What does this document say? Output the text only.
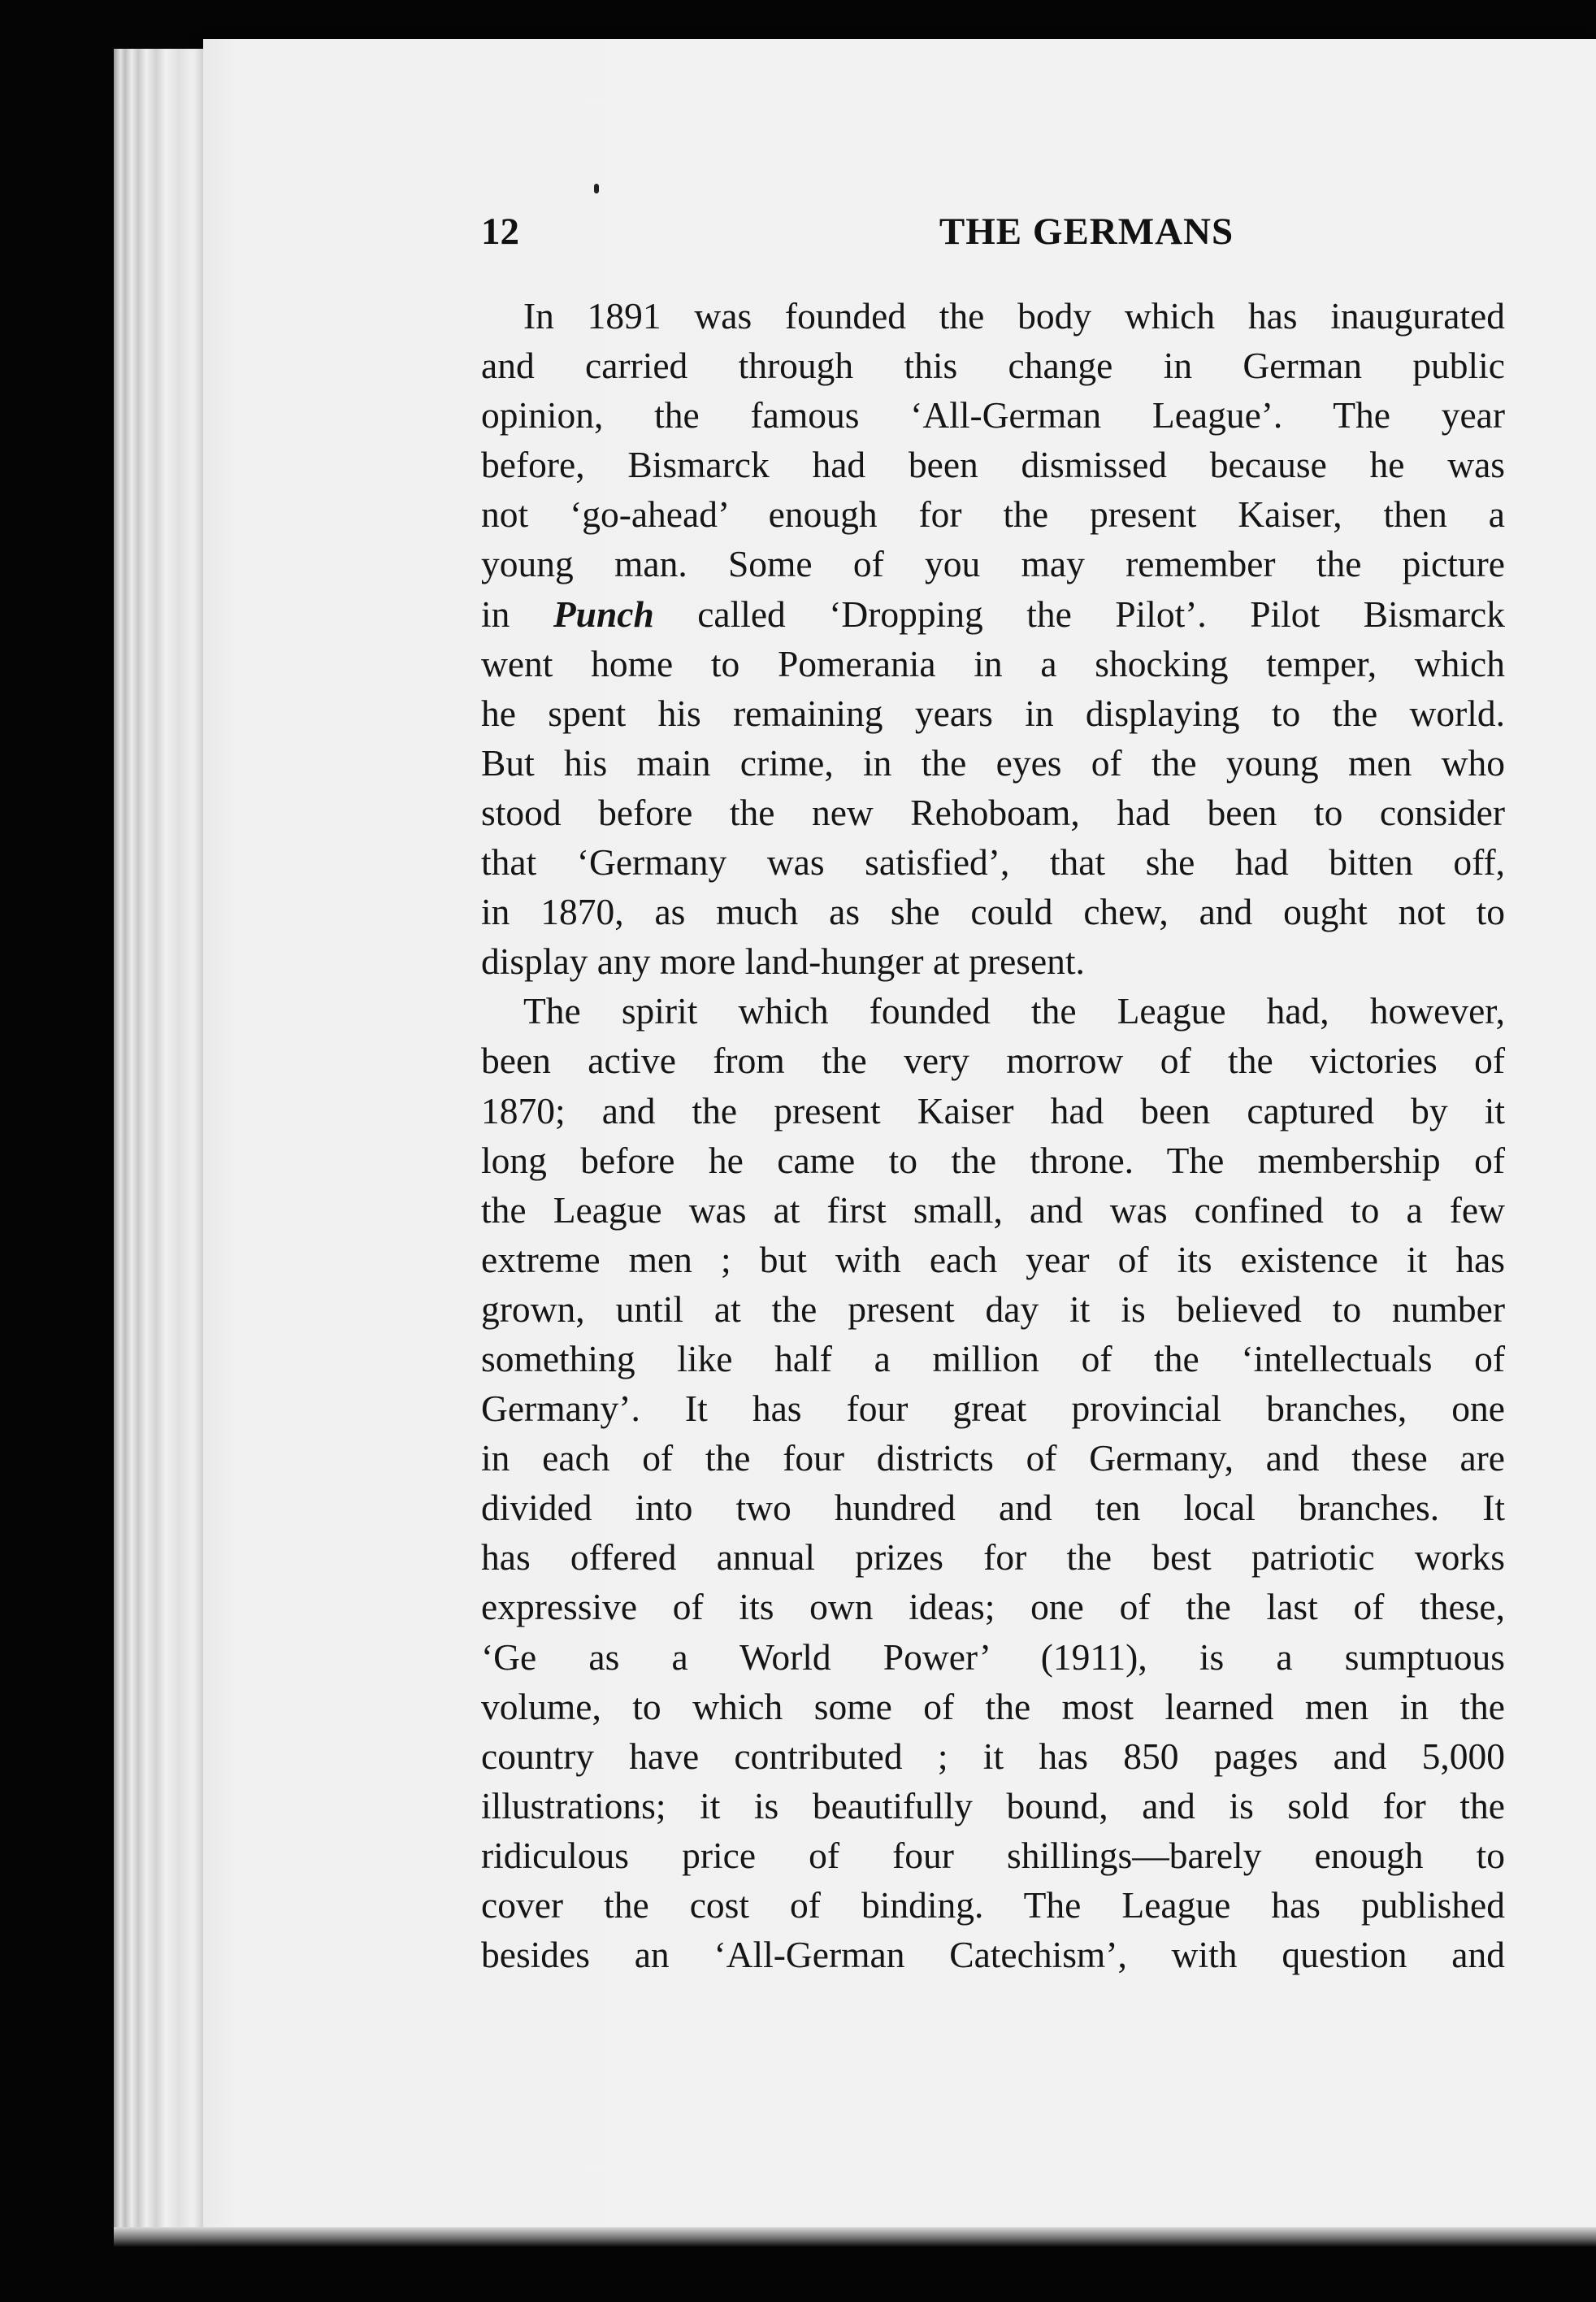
12	THE GERMANS
In 1891 was founded the body which has inaugurated
and carried through this change in German public
opinion, the famous ‘All-German League’. The year
before, Bismarck had been dismissed because he was
not ‘go-ahead’ enough for the present Kaiser, then a
young man. Some of you may remember the picture
in Punch called ‘Dropping the Pilot’. Pilot Bismarck
went home to Pomerania in a shocking temper, which
he spent his remaining years in displaying to the world.
But his main crime, in the eyes of the young men who
stood before the new Rehoboam, had been to consider
that ‘Germany was satisfied’, that she had bitten off,
in 1870, as much as she could chew, and ought not to
display any more land-hunger at present.
The spirit which founded the League had, however,
been active from the very morrow of the victories of
1870; and the present Kaiser had been captured by it
long before he came to the throne. The membership of
the League was at first small, and was confined to a few
extreme men ; but with each year of its existence it has
grown, until at the present day it is believed to number
something like half a million of the ‘intellectuals of
Germany’. It has four great provincial branches, one
in each of the four districts of Germany, and these are
divided into two hundred and ten local branches. It
has offered annual prizes for the best patriotic works
expressive of its own ideas; one of the last of these,
‘Ge as a World Power’ (1911), is a sumptuous
volume, to which some of the most learned men in the
country have contributed ; it has 850 pages and 5,000
illustrations; it is beautifully bound, and is sold for the
ridiculous price of four shillings—barely enough to
cover the cost of binding. The League has published
besides an ‘All-German Catechism’, with question and
